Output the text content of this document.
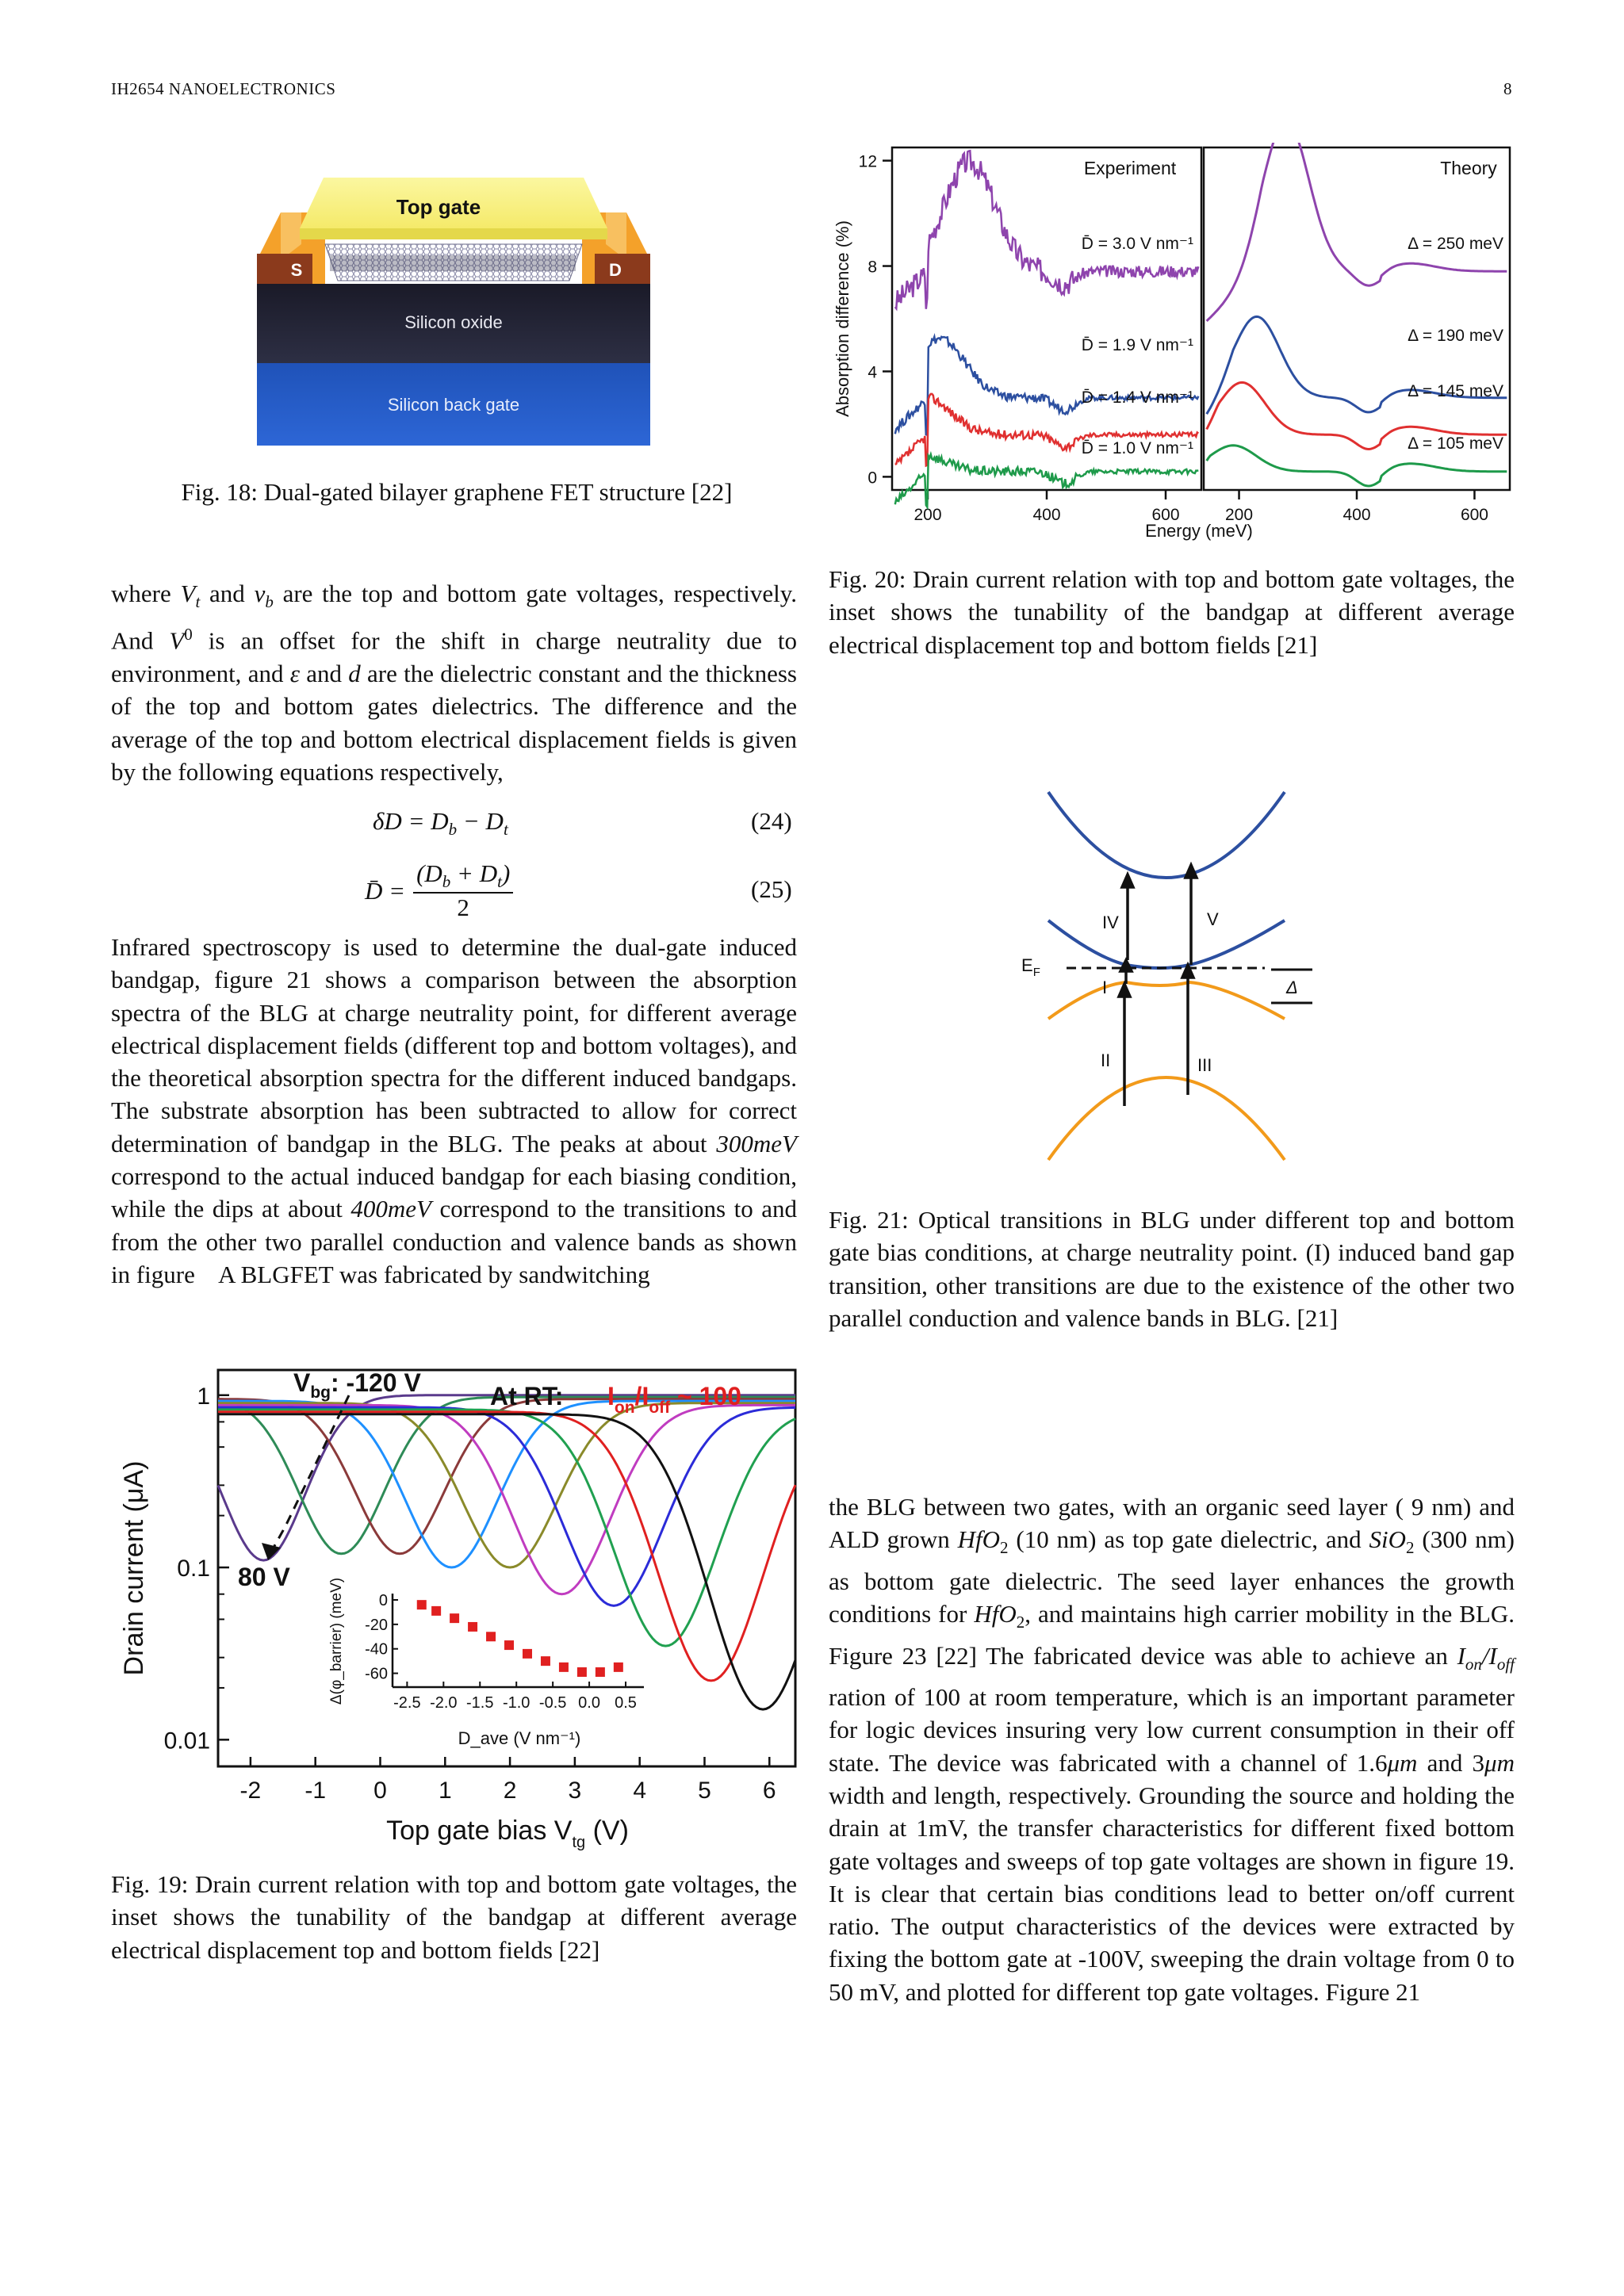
IH2654 NANOELECTRONICS	8
Top gate
S	D
Silicon oxide
Silicon back gate
Fig. 18: Dual-gated bilayer graphene FET structure [22]

where $V_t$ and $v_b$ are the top and bottom gate voltages, respectively. And $V^0$ is an offset for the shift in charge neutrality due to environment, and ε and d are the dielectric constant and the thickness of the top and bottom gates dielectrics. The difference and the average of the top and bottom electrical displacement fields is given by the following equations respectively,

$\delta D = D_b - D_t$	(24)
D̄ = $\frac{(D_b + D_t)}{2}$	(25)

Infrared spectroscopy is used to determine the dual-gate induced bandgap, figure 21 shows a comparison between the absorption spectra of the BLG at charge neutrality point, for different average electrical displacement fields (different top and bottom voltages), and the theoretical absorption spectra for the different induced bandgaps. The substrate absorption has been subtracted to allow for correct determination of bandgap in the BLG. The peaks at about 300meV correspond to the actual induced bandgap for each biasing condition, while the dips at about 400meV correspond to the transitions to and from the other two parallel conduction and valence bands as shown in figure    A BLGFET was fabricated by sandwitching

-2 -1 0 1 2 3 4 5 6
1
0.1
0.01
$V_{bg}$: -120 V	At RT: $I_{on}/I_{off}$ ~ 100
80 V
Drain current (μA)
Top gate bias $V_{tg}$ (V)
-2.5 -2.0 -1.5 -1.0 -0.5 0.0 0.5
0
-20
-40
-60
Δ(φ_barrier) (meV)
D_ave (V nm⁻¹)
Fig. 19: Drain current relation with top and bottom gate voltages, the inset shows the tunability of the bandgap at different average electrical displacement top and bottom fields [22]
200	400	600	200	400	600
0
4
8
12
D̄ = 3.0 V nm⁻¹
D̄ = 1.9 V nm⁻¹
D̄ = 1.4 V nm⁻¹
D̄ = 1.0 V nm⁻¹
Δ = 250 meV
Δ = 190 meV
Δ = 145 meV
Δ = 105 meV
Experiment	Theory
Absorption difference (%)
Energy (meV)
Fig. 20: Drain current relation with top and bottom gate voltages, the inset shows the tunability of the bandgap at different average electrical displacement top and bottom fields [21]
$E_F$
I
IV	V
II	III
Δ
Fig. 21: Optical transitions in BLG under different top and bottom gate bias conditions, at charge neutrality point. (I) induced band gap transition, other transitions are due to the existence of the other two parallel conduction and valence bands in BLG. [21]

the BLG between two gates, with an organic seed layer ( 9 nm) and ALD grown HfO$_2$ (10 nm) as top gate dielectric, and SiO$_2$ (300 nm) as bottom gate dielectric. The seed layer enhances the growth conditions for HfO$_2$, and maintains high carrier mobility in the BLG. Figure 23 [22] The fabricated device was able to achieve an $I_{on}/I_{off}$ ration of 100 at room temperature, which is an important parameter for logic devices insuring very low current consumption in their off state. The device was fabricated with a channel of 1.6μm and 3μm width and length, respectively. Grounding the source and holding the drain at 1mV, the transfer characteristics for different fixed bottom gate voltages and sweeps of top gate voltages are shown in figure 19. It is clear that certain bias conditions lead to better on/off current ratio. The output characteristics of the devices were extracted by fixing the bottom gate at -100V, sweeping the drain voltage from 0 to 50 mV, and plotted for different top gate voltages. Figure 21
